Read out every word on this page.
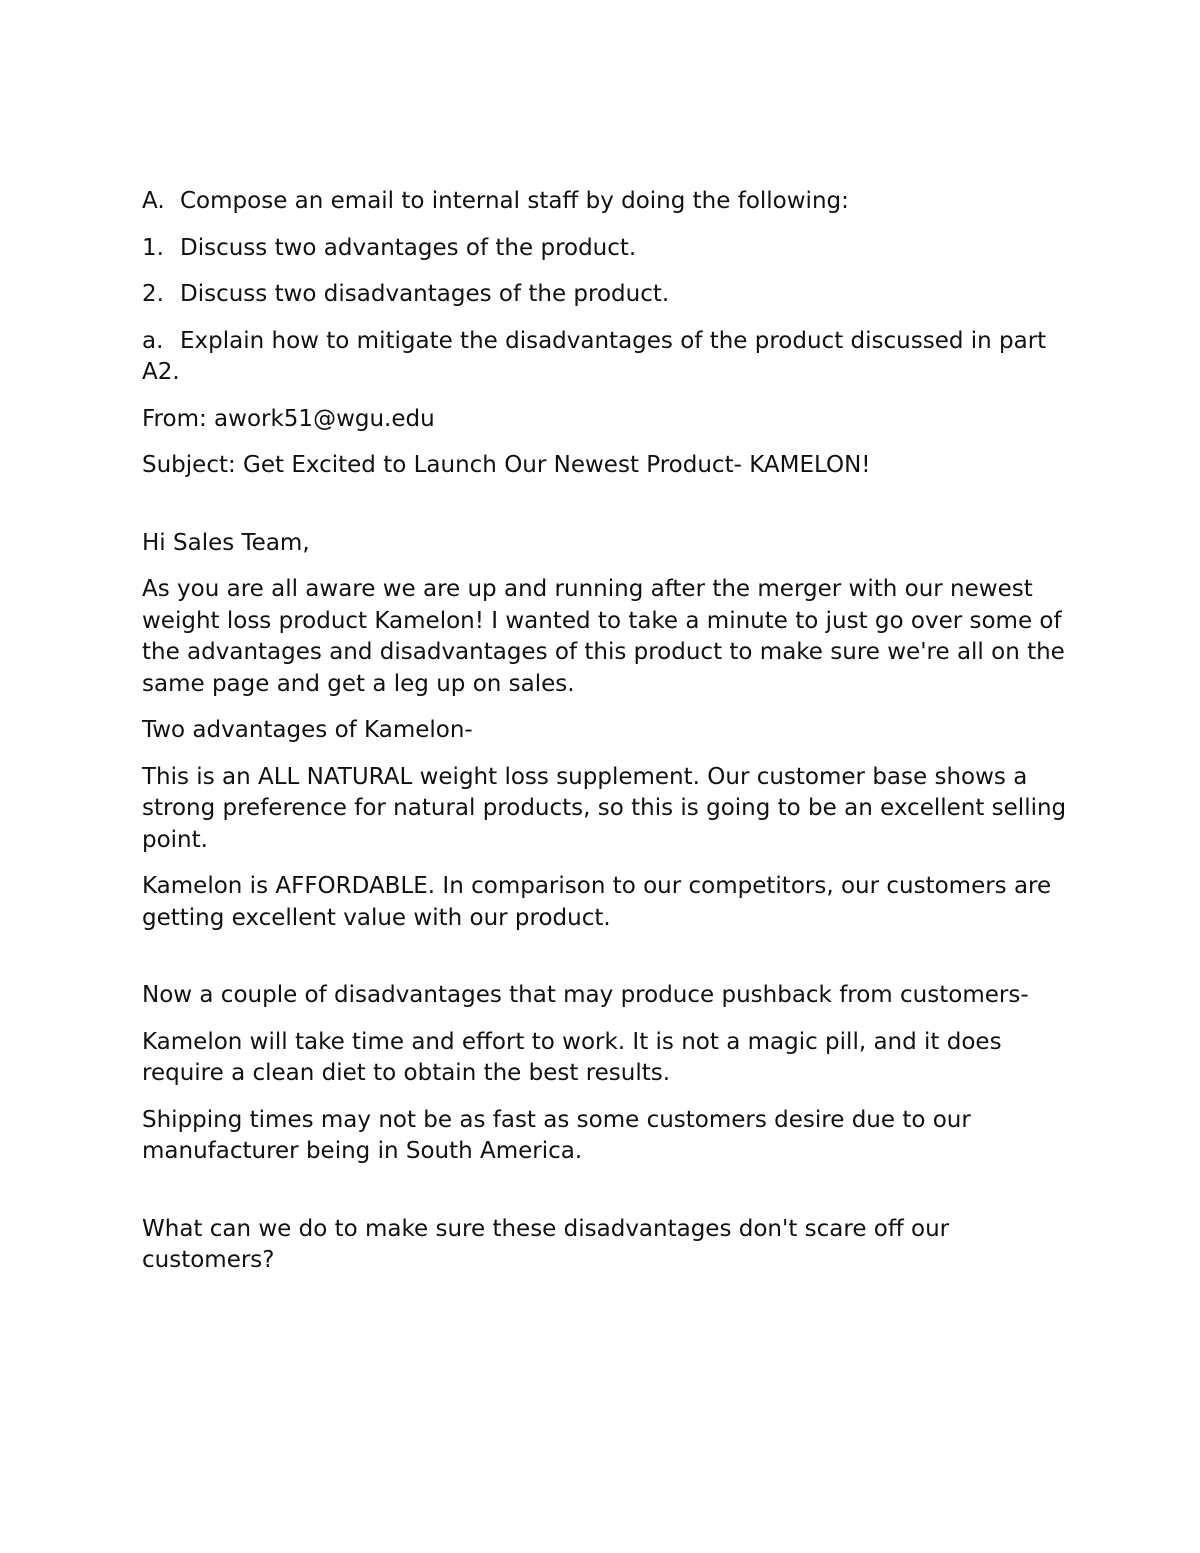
A. Compose an email to internal staff by doing the following:
1. Discuss two advantages of the product.
2. Discuss two disadvantages of the product.
a. Explain how to mitigate the disadvantages of the product discussed in part A2.

From: awork51@wgu.edu

Subject: Get Excited to Launch Our Newest Product- KAMELON!

Hi Sales Team,

As you are all aware we are up and running after the merger with our newest weight loss product Kamelon! I wanted to take a minute to just go over some of the advantages and disadvantages of this product to make sure we're all on the same page and get a leg up on sales.

Two advantages of Kamelon-

This is an ALL NATURAL weight loss supplement. Our customer base shows a strong preference for natural products, so this is going to be an excellent selling point.

Kamelon is AFFORDABLE. In comparison to our competitors, our customers are getting excellent value with our product.

Now a couple of disadvantages that may produce pushback from customers-

Kamelon will take time and effort to work. It is not a magic pill, and it does require a clean diet to obtain the best results.

Shipping times may not be as fast as some customers desire due to our manufacturer being in South America.

What can we do to make sure these disadvantages don't scare off our customers?
